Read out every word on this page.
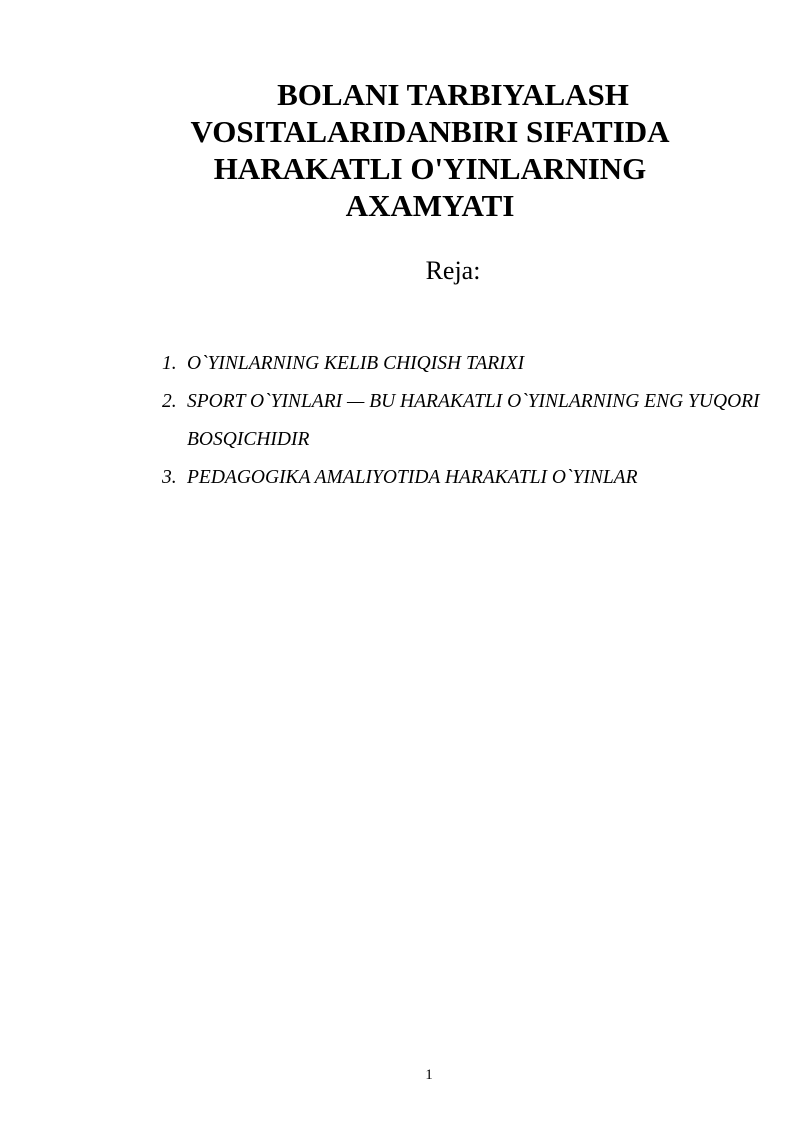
BOLANI TARBIYALASH
VOSITALARIDANBIRI SIFATIDA
HARAKATLI O'YINLARNING
AXAMYATI
Reja:
1. O`YINLARNING KELIB CHIQISH TARIXI
2. SPORT O`YINLARI — BU HARAKATLI O`YINLARNING ENG YUQORI BOSQICHIDIR
3. PEDAGOGIKA AMALIYOTIDA HARAKATLI O`YINLAR
1
